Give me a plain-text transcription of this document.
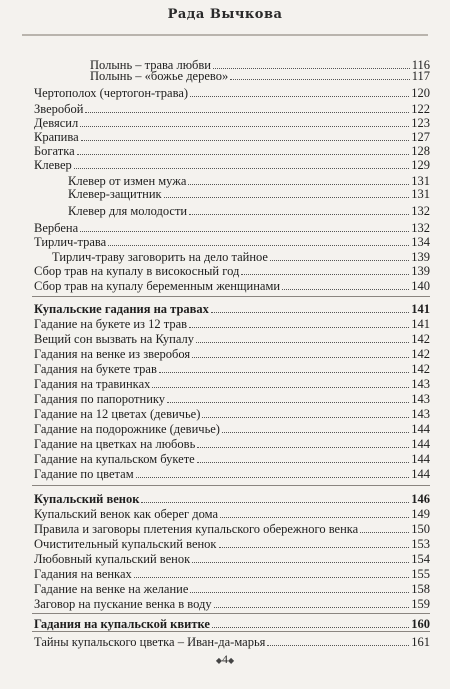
Рада Вычкова
Полынь – трава любви	116
Полынь – «божье дерево»	117
Чертополох (чертогон-трава)	120
Зверобой	122
Девясил	123
Крапива	127
Богатка	128
Клевер	129
Клевер от измен мужа	131
Клевер-защитник	131
Клевер для молодости	132
Вербена	132
Тирлич-трава	134
Тирлич-траву заговорить на дело тайное	139
Сбор трав на купалу в високосный год	139
Сбор трав на купалу беременным женщинами	140
Купальские гадания на травах	141
Гадание на букете из 12 трав	141
Вещий сон вызвать на Купалу	142
Гадания на венке из зверобоя	142
Гадания на букете трав	142
Гадания на травинках	143
Гадания по папоротнику	143
Гадание на 12 цветах (девичье)	143
Гадание на подорожнике (девичье)	144
Гадание на цветках на любовь	144
Гадание на купальском букете	144
Гадание по цветам	144
Купальский венок	146
Купальский венок как оберег дома	149
Правила и заговоры плетения купальского обережного венка	150
Очистительный купальский венок	153
Любовный купальский венок	154
Гадания на венках	155
Гадание на венке на желание	158
Заговор на пускание венка в воду	159
Гадания на купальской квитке	160
Тайны купальского цветка – Иван-да-марья	161
◆4◆
